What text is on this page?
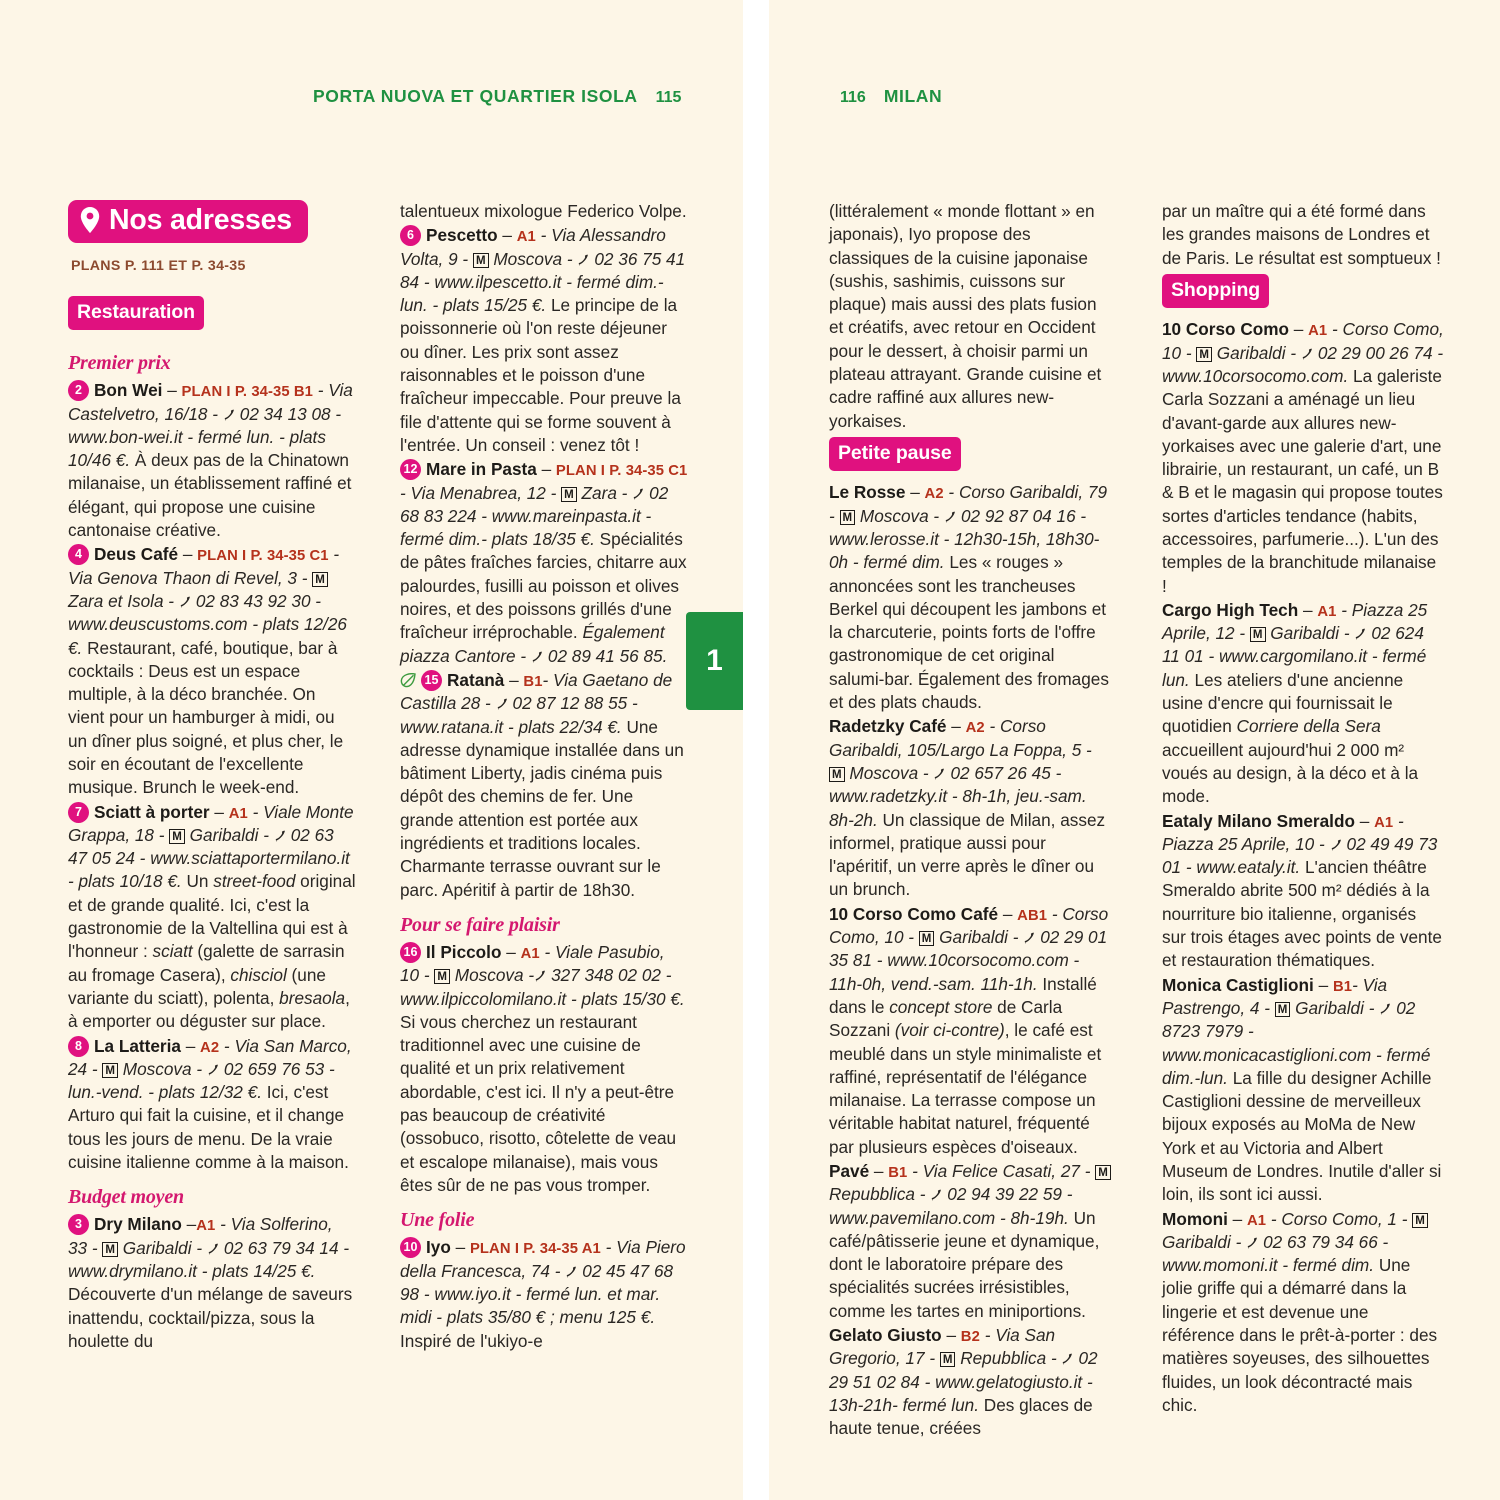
PORTA NUOVA ET QUARTIER ISOLA 115
Nos adresses
PLANS P. 111 ET P. 34-35
Restauration
Premier prix

2 Bon Wei – PLAN I P. 34-35 B1 - Via Castelvetro, 16/18 - 02 34 13 08 - www.bon-wei.it - fermé lun. - plats 10/46 €. À deux pas de la Chinatown milanaise, un établissement raffiné et élégant, qui propose une cuisine cantonaise créative.

4 Deus Café – PLAN I P. 34-35 C1 - Via Genova Thaon di Revel, 3 - M Zara et Isola - 02 83 43 92 30 - www.deuscustoms.com - plats 12/26 €. Restaurant, café, boutique, bar à cocktails : Deus est un espace multiple, à la déco branchée. On vient pour un hamburger à midi, ou un dîner plus soigné, et plus cher, le soir en écoutant de l'excellente musique. Brunch le week-end.

7 Sciatt à porter – A1 - Viale Monte Grappa, 18 - M Garibaldi - 02 63 47 05 24 - www.sciattaportermilano.it - plats 10/18 €. Un street-food original et de grande qualité. Ici, c'est la gastronomie de la Valtellina qui est à l'honneur : sciatt (galette de sarrasin au fromage Casera), chisciol (une variante du sciatt), polenta, bresaola, à emporter ou déguster sur place.

8 La Latteria – A2 - Via San Marco, 24 - M Moscova - 02 659 76 53 - lun.-vend. - plats 12/32 €. Ici, c'est Arturo qui fait la cuisine, et il change tous les jours de menu. De la vraie cuisine italienne comme à la maison.

Budget moyen

3 Dry Milano –A1 - Via Solferino, 33 - M Garibaldi - 02 63 79 34 14 - www.drymilano.it - plats 14/25 €. Découverte d'un mélange de saveurs inattendu, cocktail/pizza, sous la houlette du

talentueux mixologue Federico Volpe.

6 Pescetto – A1 - Via Alessandro Volta, 9 - M Moscova - 02 36 75 41 84 - www.ilpescetto.it - fermé dim.-lun. - plats 15/25 €. Le principe de la poissonnerie où l'on reste déjeuner ou dîner. Les prix sont assez raisonnables et le poisson d'une fraîcheur impeccable. Pour preuve la file d'attente qui se forme souvent à l'entrée. Un conseil : venez tôt !

12 Mare in Pasta – PLAN I P. 34-35 C1 - Via Menabrea, 12 - M Zara - 02 68 83 224 - www.mareinpasta.it - fermé dim.- plats 18/35 €. Spécialités de pâtes fraîches farcies, chitarre aux palourdes, fusilli au poisson et olives noires, et des poissons grillés d'une fraîcheur irréprochable. Également piazza Cantore - 02 89 41 56 85.

15 Ratanà – B1- Via Gaetano de Castilla 28 - 02 87 12 88 55 - www.ratana.it - plats 22/34 €. Une adresse dynamique installée dans un bâtiment Liberty, jadis cinéma puis dépôt des chemins de fer. Une grande attention est portée aux ingrédients et traditions locales. Charmante terrasse ouvrant sur le parc. Apéritif à partir de 18h30.

Pour se faire plaisir

16 Il Piccolo – A1 - Viale Pasubio, 10 - M Moscova - 327 348 02 02 - www.ilpiccolomilano.it - plats 15/30 €. Si vous cherchez un restaurant traditionnel avec une cuisine de qualité et un prix relativement abordable, c'est ici. Il n'y a peut-être pas beaucoup de créativité (ossobuco, risotto, côtelette de veau et escalope milanaise), mais vous êtes sûr de ne pas vous tromper.

Une folie

10 Iyo – PLAN I P. 34-35 A1 - Via Piero della Francesca, 74 - 02 45 47 68 98 - www.iyo.it - fermé lun. et mar. midi - plats 35/80 € ; menu 125 €. Inspiré de l'ukiyo-e

1
116 MILAN

(littéralement « monde flottant » en japonais), Iyo propose des classiques de la cuisine japonaise (sushis, sashimis, cuissons sur plaque) mais aussi des plats fusion et créatifs, avec retour en Occident pour le dessert, à choisir parmi un plateau attrayant. Grande cuisine et cadre raffiné aux allures new-yorkaises.

Petite pause

Le Rosse – A2 - Corso Garibaldi, 79 - M Moscova - 02 92 87 04 16 - www.lerosse.it - 12h30-15h, 18h30-0h - fermé dim. Les « rouges » annoncées sont les trancheuses Berkel qui découpent les jambons et la charcuterie, points forts de l'offre gastronomique de cet original salumi-bar. Également des fromages et des plats chauds.

Radetzky Café – A2 - Corso Garibaldi, 105/Largo La Foppa, 5 - M Moscova - 02 657 26 45 - www.radetzky.it - 8h-1h, jeu.-sam. 8h-2h. Un classique de Milan, assez informel, pratique aussi pour l'apéritif, un verre après le dîner ou un brunch.

10 Corso Como Café – AB1 - Corso Como, 10 - M Garibaldi - 02 29 01 35 81 - www.10corsocomo.com - 11h-0h, vend.-sam. 11h-1h. Installé dans le concept store de Carla Sozzani (voir ci-contre), le café est meublé dans un style minimaliste et raffiné, représentatif de l'élégance milanaise. La terrasse compose un véritable habitat naturel, fréquenté par plusieurs espèces d'oiseaux.

Pavé – B1 - Via Felice Casati, 27 - M Repubblica - 02 94 39 22 59 - www.pavemilano.com - 8h-19h. Un café/pâtisserie jeune et dynamique, dont le laboratoire prépare des spécialités sucrées irrésistibles, comme les tartes en miniportions.

Gelato Giusto – B2 - Via San Gregorio, 17 - M Repubblica - 02 29 51 02 84 - www.gelatogiusto.it - 13h-21h- fermé lun. Des glaces de haute tenue, créées

par un maître qui a été formé dans les grandes maisons de Londres et de Paris. Le résultat est somptueux !

Shopping

10 Corso Como – A1 - Corso Como, 10 - M Garibaldi - 02 29 00 26 74 - www.10corsocomo.com. La galeriste Carla Sozzani a aménagé un lieu d'avant-garde aux allures new-yorkaises avec une galerie d'art, une librairie, un restaurant, un café, un B & B et le magasin qui propose toutes sortes d'articles tendance (habits, accessoires, parfumerie...). L'un des temples de la branchitude milanaise !

Cargo High Tech – A1 - Piazza 25 Aprile, 12 - M Garibaldi - 02 624 11 01 - www.cargomilano.it - fermé lun. Les ateliers d'une ancienne usine d'encre qui fournissait le quotidien Corriere della Sera accueillent aujourd'hui 2 000 m² voués au design, à la déco et à la mode.

Eataly Milano Smeraldo – A1 - Piazza 25 Aprile, 10 - 02 49 49 73 01 - www.eataly.it. L'ancien théâtre Smeraldo abrite 500 m² dédiés à la nourriture bio italienne, organisés sur trois étages avec points de vente et restauration thématiques.

Monica Castiglioni – B1- Via Pastrengo, 4 - M Garibaldi - 02 8723 7979 - www.monicacastiglioni.com - fermé dim.-lun. La fille du designer Achille Castiglioni dessine de merveilleux bijoux exposés au MoMa de New York et au Victoria and Albert Museum de Londres. Inutile d'aller si loin, ils sont ici aussi.

Momoni – A1 - Corso Como, 1 - M Garibaldi - 02 63 79 34 66 - www.momoni.it - fermé dim. Une jolie griffe qui a démarré dans la lingerie et est devenue une référence dans le prêt-à-porter : des matières soyeuses, des silhouettes fluides, un look décontracté mais chic.
